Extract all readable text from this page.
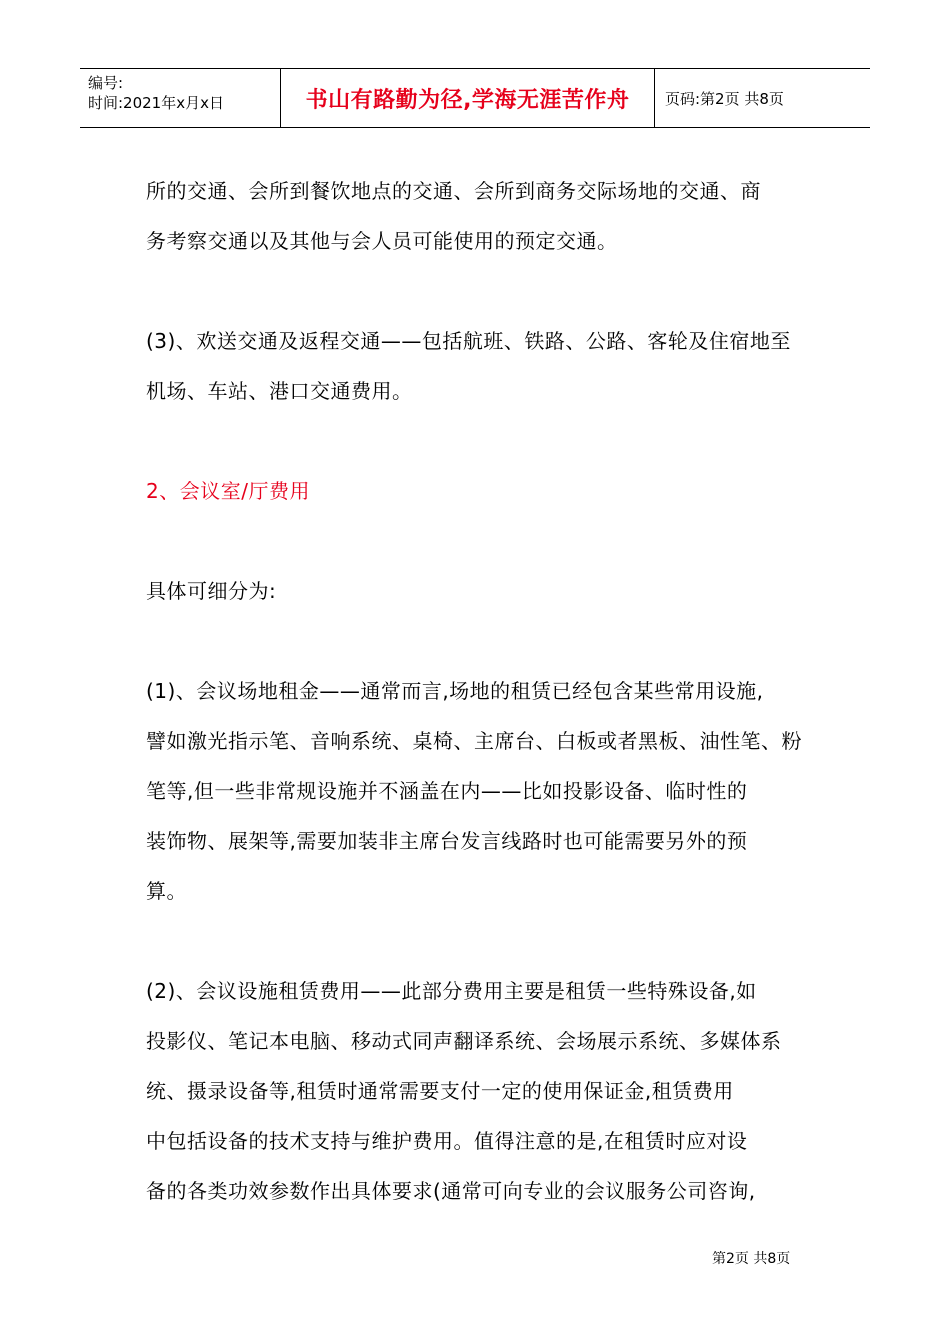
编号:
时间:2021年x月x日	书山有路勤为径,学海无涯苦作舟	页码:第2页 共8页

所的交通、会所到餐饮地点的交通、会所到商务交际场地的交通、商

务考察交通以及其他与会人员可能使用的预定交通。

(3)、欢送交通及返程交通——包括航班、铁路、公路、客轮及住宿地至

机场、车站、港口交通费用。

2、会议室/厅费用

具体可细分为:

(1)、会议场地租金——通常而言,场地的租赁已经包含某些常用设施,

譬如激光指示笔、音响系统、桌椅、主席台、白板或者黑板、油性笔、粉

笔等,但一些非常规设施并不涵盖在内——比如投影设备、临时性的

装饰物、展架等,需要加装非主席台发言线路时也可能需要另外的预

算。

(2)、会议设施租赁费用——此部分费用主要是租赁一些特殊设备,如

投影仪、笔记本电脑、移动式同声翻译系统、会场展示系统、多媒体系

统、摄录设备等,租赁时通常需要支付一定的使用保证金,租赁费用

中包括设备的技术支持与维护费用。值得注意的是,在租赁时应对设

备的各类功效参数作出具体要求(通常可向专业的会议服务公司咨询,

第2页 共8页
